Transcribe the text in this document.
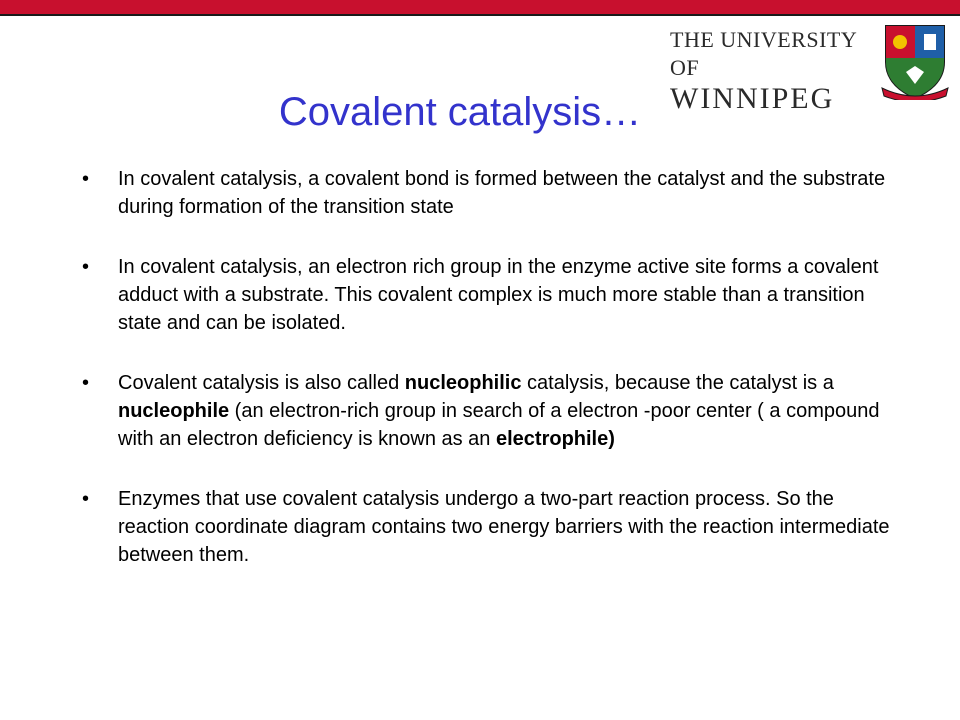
THE UNIVERSITY OF
WINNIPEG
Covalent catalysis…
• In covalent catalysis, a covalent bond is formed between the catalyst and the substrate during formation of the transition state
• In covalent catalysis, an electron rich group in the enzyme active site forms a covalent adduct with a substrate. This covalent complex is much more stable than a transition state and can be isolated.
• Covalent catalysis is also called nucleophilic catalysis, because the catalyst is a nucleophile (an electron-rich group in search of a electron -poor center ( a compound with an electron deficiency is known as an electrophile)
• Enzymes that use covalent catalysis undergo a two-part reaction process. So the reaction coordinate diagram contains two energy barriers with the reaction intermediate between them.
